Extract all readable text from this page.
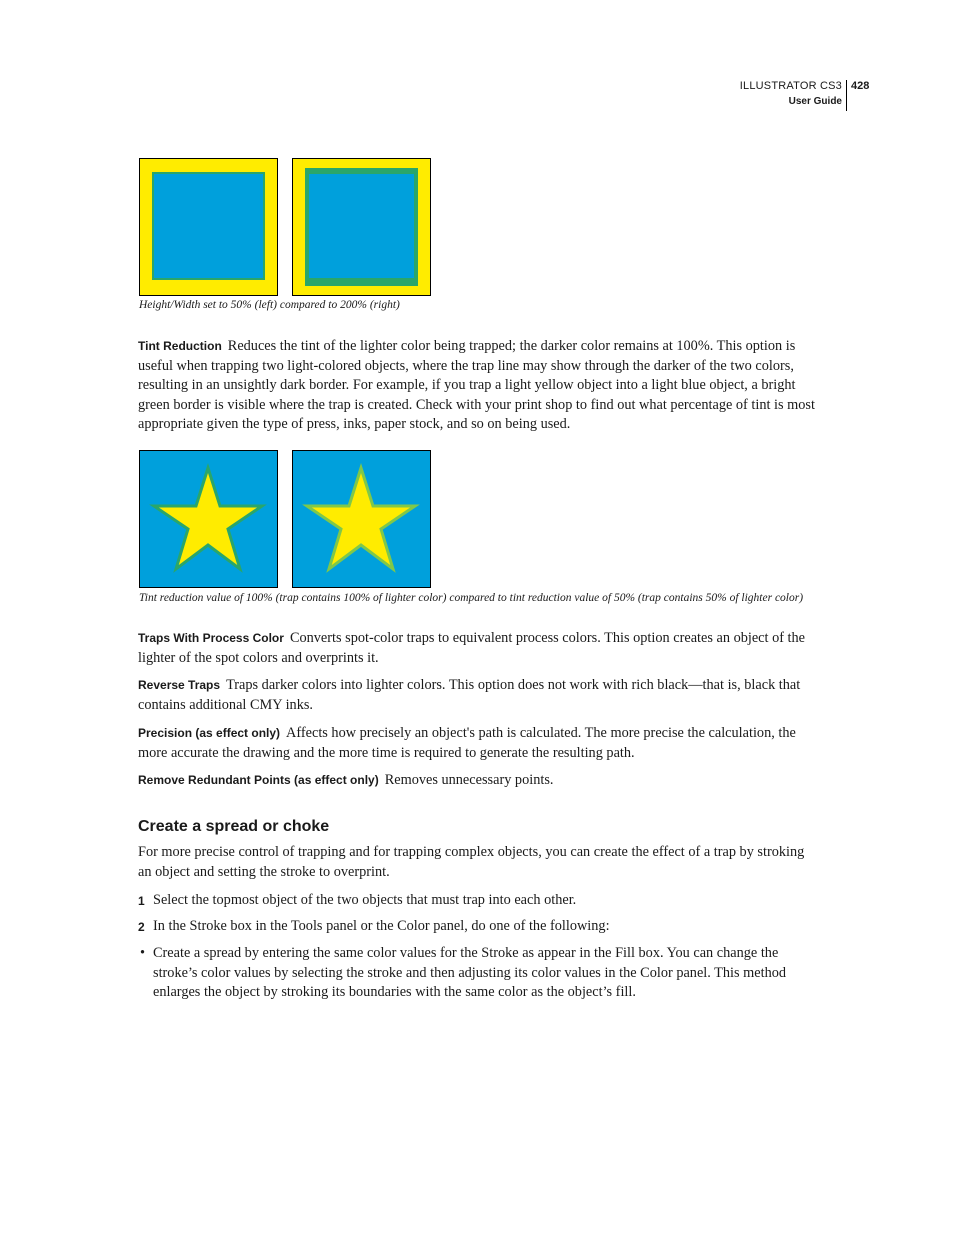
ILLUSTRATOR CS3
User Guide
428
Height/Width set to 50% (left) compared to 200% (right)
Tint Reduction Reduces the tint of the lighter color being trapped; the darker color remains at 100%. This option is useful when trapping two light-colored objects, where the trap line may show through the darker of the two colors, resulting in an unsightly dark border. For example, if you trap a light yellow object into a light blue object, a bright green border is visible where the trap is created. Check with your print shop to find out what percentage of tint is most appropriate given the type of press, inks, paper stock, and so on being used.
Tint reduction value of 100% (trap contains 100% of lighter color) compared to tint reduction value of 50% (trap contains 50% of lighter color)
Traps With Process Color Converts spot-color traps to equivalent process colors. This option creates an object of the lighter of the spot colors and overprints it.
Reverse Traps Traps darker colors into lighter colors. This option does not work with rich black—that is, black that contains additional CMY inks.
Precision (as effect only) Affects how precisely an object's path is calculated. The more precise the calculation, the more accurate the drawing and the more time is required to generate the resulting path.
Remove Redundant Points (as effect only) Removes unnecessary points.
Create a spread or choke
For more precise control of trapping and for trapping complex objects, you can create the effect of a trap by stroking an object and setting the stroke to overprint.
1 Select the topmost object of the two objects that must trap into each other.
2 In the Stroke box in the Tools panel or the Color panel, do one of the following:
• Create a spread by entering the same color values for the Stroke as appear in the Fill box. You can change the stroke’s color values by selecting the stroke and then adjusting its color values in the Color panel. This method enlarges the object by stroking its boundaries with the same color as the object’s fill.
